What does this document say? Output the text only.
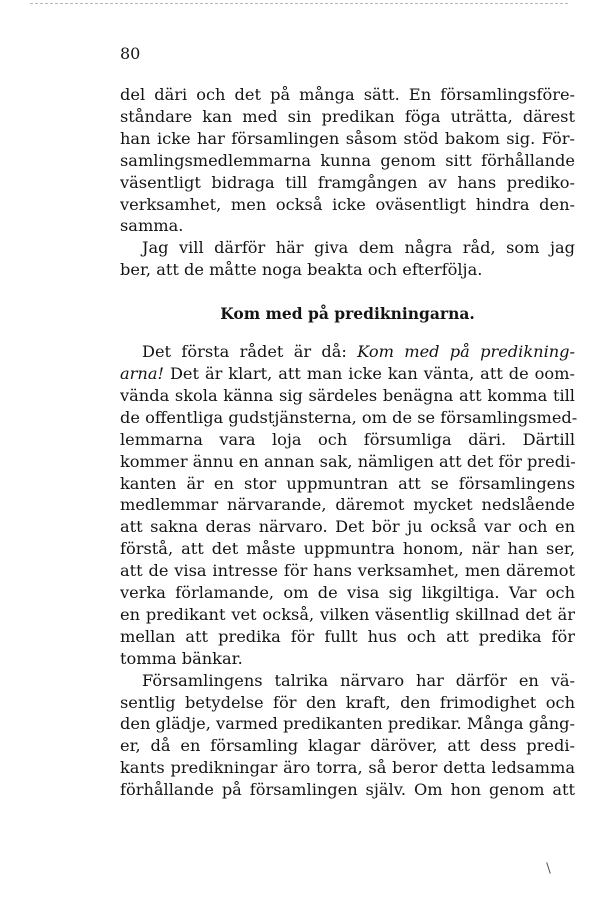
80
del däri och det på många sätt. En församlingsföre-
ståndare kan med sin predikan föga uträtta, därest
han icke har församlingen såsom stöd bakom sig. För-
samlingsmedlemmarna kunna genom sitt förhållande
väsentligt bidraga till framgången av hans prediko-
verksamhet, men också icke oväsentligt hindra den-
samma.
Jag vill därför här giva dem några råd, som jag
ber, att de måtte noga beakta och efterfölja.
Kom med på predikningarna.
Det första rådet är då: Kom med på predikning-
arna! Det är klart, att man icke kan vänta, att de oom-
vända skola känna sig särdeles benägna att komma till
de offentliga gudstjänsterna, om de se församlingsmed-
lemmarna vara loja och försumliga däri. Därtill
kommer ännu en annan sak, nämligen att det för predi-
kanten är en stor uppmuntran att se församlingens
medlemmar närvarande, däremot mycket nedslående
att sakna deras närvaro. Det bör ju också var och en
förstå, att det måste uppmuntra honom, när han ser,
att de visa intresse för hans verksamhet, men däremot
verka förlamande, om de visa sig likgiltiga. Var och
en predikant vet också, vilken väsentlig skillnad det är
mellan att predika för fullt hus och att predika för
tomma bänkar.
Församlingens talrika närvaro har därför en vä-
sentlig betydelse för den kraft, den frimodighet och
den glädje, varmed predikanten predikar. Många gång-
er, då en församling klagar däröver, att dess predi-
kants predikningar äro torra, så beror detta ledsamma
förhållande på församlingen själv. Om hon genom att
